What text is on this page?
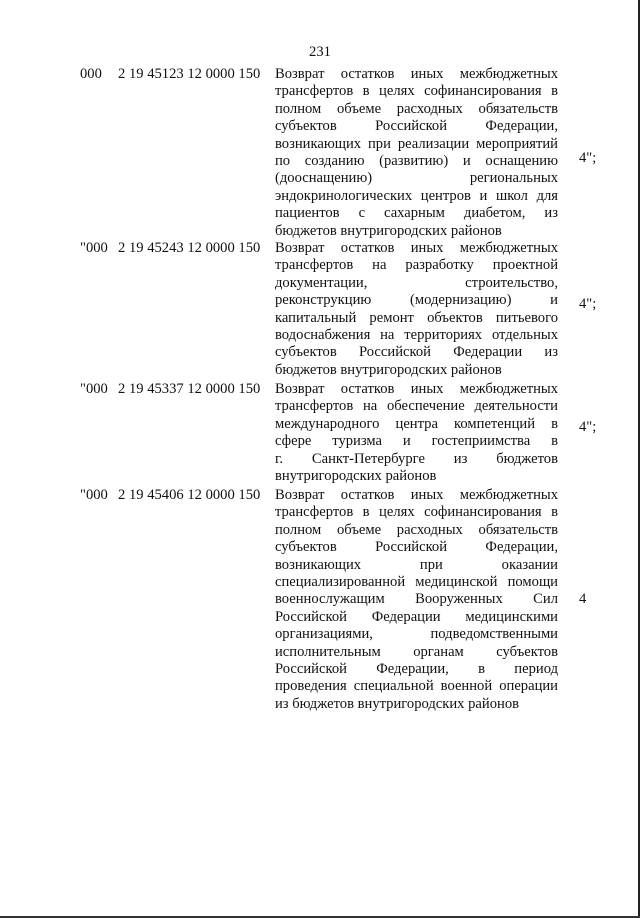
231
000 2 19 45123 12 0000 150 Возврат остатков иных межбюджетных
трансфертов в целях софинансирования в
полном объеме расходных обязательств
субъектов Российской Федерации,
возникающих при реализации мероприятий
по созданию (развитию) и оснащению
(дооснащению) региональных
эндокринологических центров и школ для
пациентов с сахарным диабетом, из
бюджетов внутригородских районов
4";
"000 2 19 45243 12 0000 150 Возврат остатков иных межбюджетных
трансфертов на разработку проектной
документации, строительство,
реконструкцию (модернизацию) и
капитальный ремонт объектов питьевого
водоснабжения на территориях отдельных
субъектов Российской Федерации из
бюджетов внутригородских районов
4";
"000 2 19 45337 12 0000 150 Возврат остатков иных межбюджетных
трансфертов на обеспечение деятельности
международного центра компетенций в
сфере туризма и гостеприимства в
г. Санкт-Петербурге из бюджетов
внутригородских районов
4";
"000 2 19 45406 12 0000 150 Возврат остатков иных межбюджетных
трансфертов в целях софинансирования в
полном объеме расходных обязательств
субъектов Российской Федерации,
возникающих при оказании
специализированной медицинской помощи
военнослужащим Вооруженных Сил
Российской Федерации медицинскими
организациями, подведомственными
исполнительным органам субъектов
Российской Федерации, в период
проведения специальной военной операции
из бюджетов внутригородских районов
4
